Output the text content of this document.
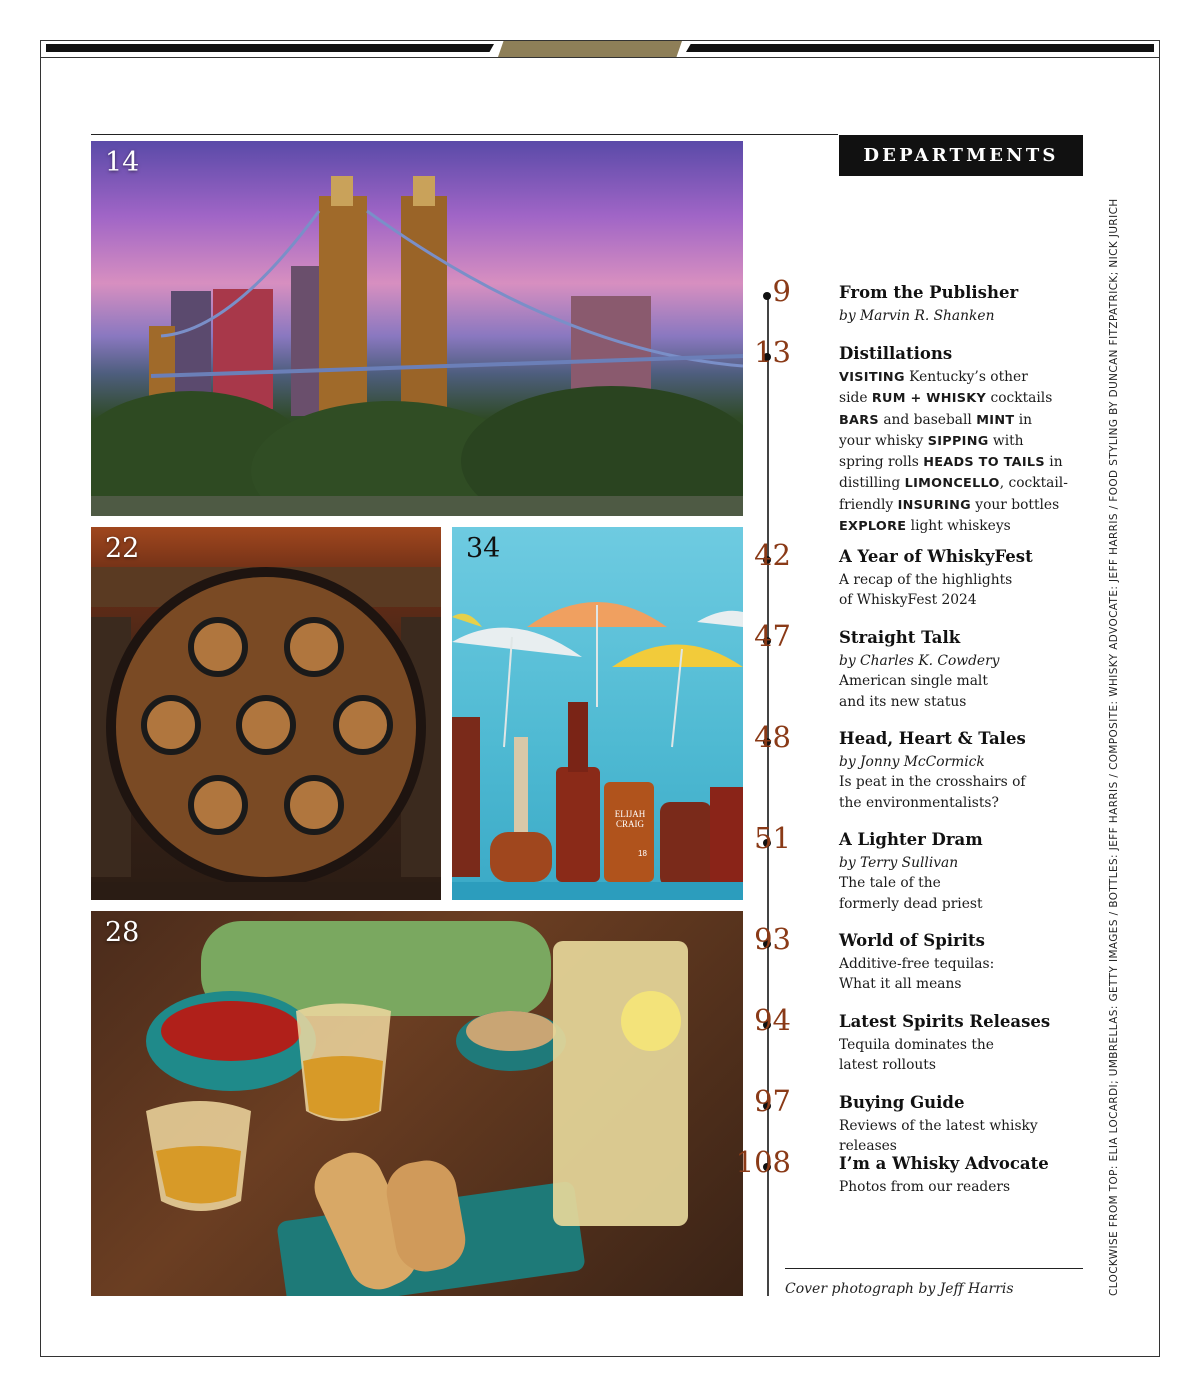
14
22
ELIJAH CRAIG
18
34
28
DEPARTMENTS
9	From the Publisher
by Marvin R. Shanken
13	Distillations
VISITING Kentucky’s other
side RUM + WHISKY cocktails
BARS and baseball MINT in
your whisky SIPPING with
spring rolls HEADS TO TAILS in
distilling LIMONCELLO, cocktail-
friendly INSURING your bottles
EXPLORE light whiskeys
42	A Year of WhiskyFest
A recap of the highlights
of WhiskyFest 2024
47	Straight Talk
by Charles K. Cowdery
American single malt
and its new status
48	Head, Heart & Tales
by Jonny McCormick
Is peat in the crosshairs of
the environmentalists?
51	A Lighter Dram
by Terry Sullivan
The tale of the
formerly dead priest
93	World of Spirits
Additive-free tequilas:
What it all means
94	Latest Spirits Releases
Tequila dominates the
latest rollouts
97	Buying Guide
Reviews of the latest whisky releases
108	I’m a Whisky Advocate
Photos from our readers
Cover photograph by Jeff Harris	CLOCKWISE FROM TOP: ELIA LOCARDI; UMBRELLAS: GETTY IMAGES / BOTTLES: JEFF HARRIS / COMPOSITE: WHISKY ADVOCATE: JEFF HARRIS / FOOD STYLING BY DUNCAN FITZPATRICK; NICK JURICH
